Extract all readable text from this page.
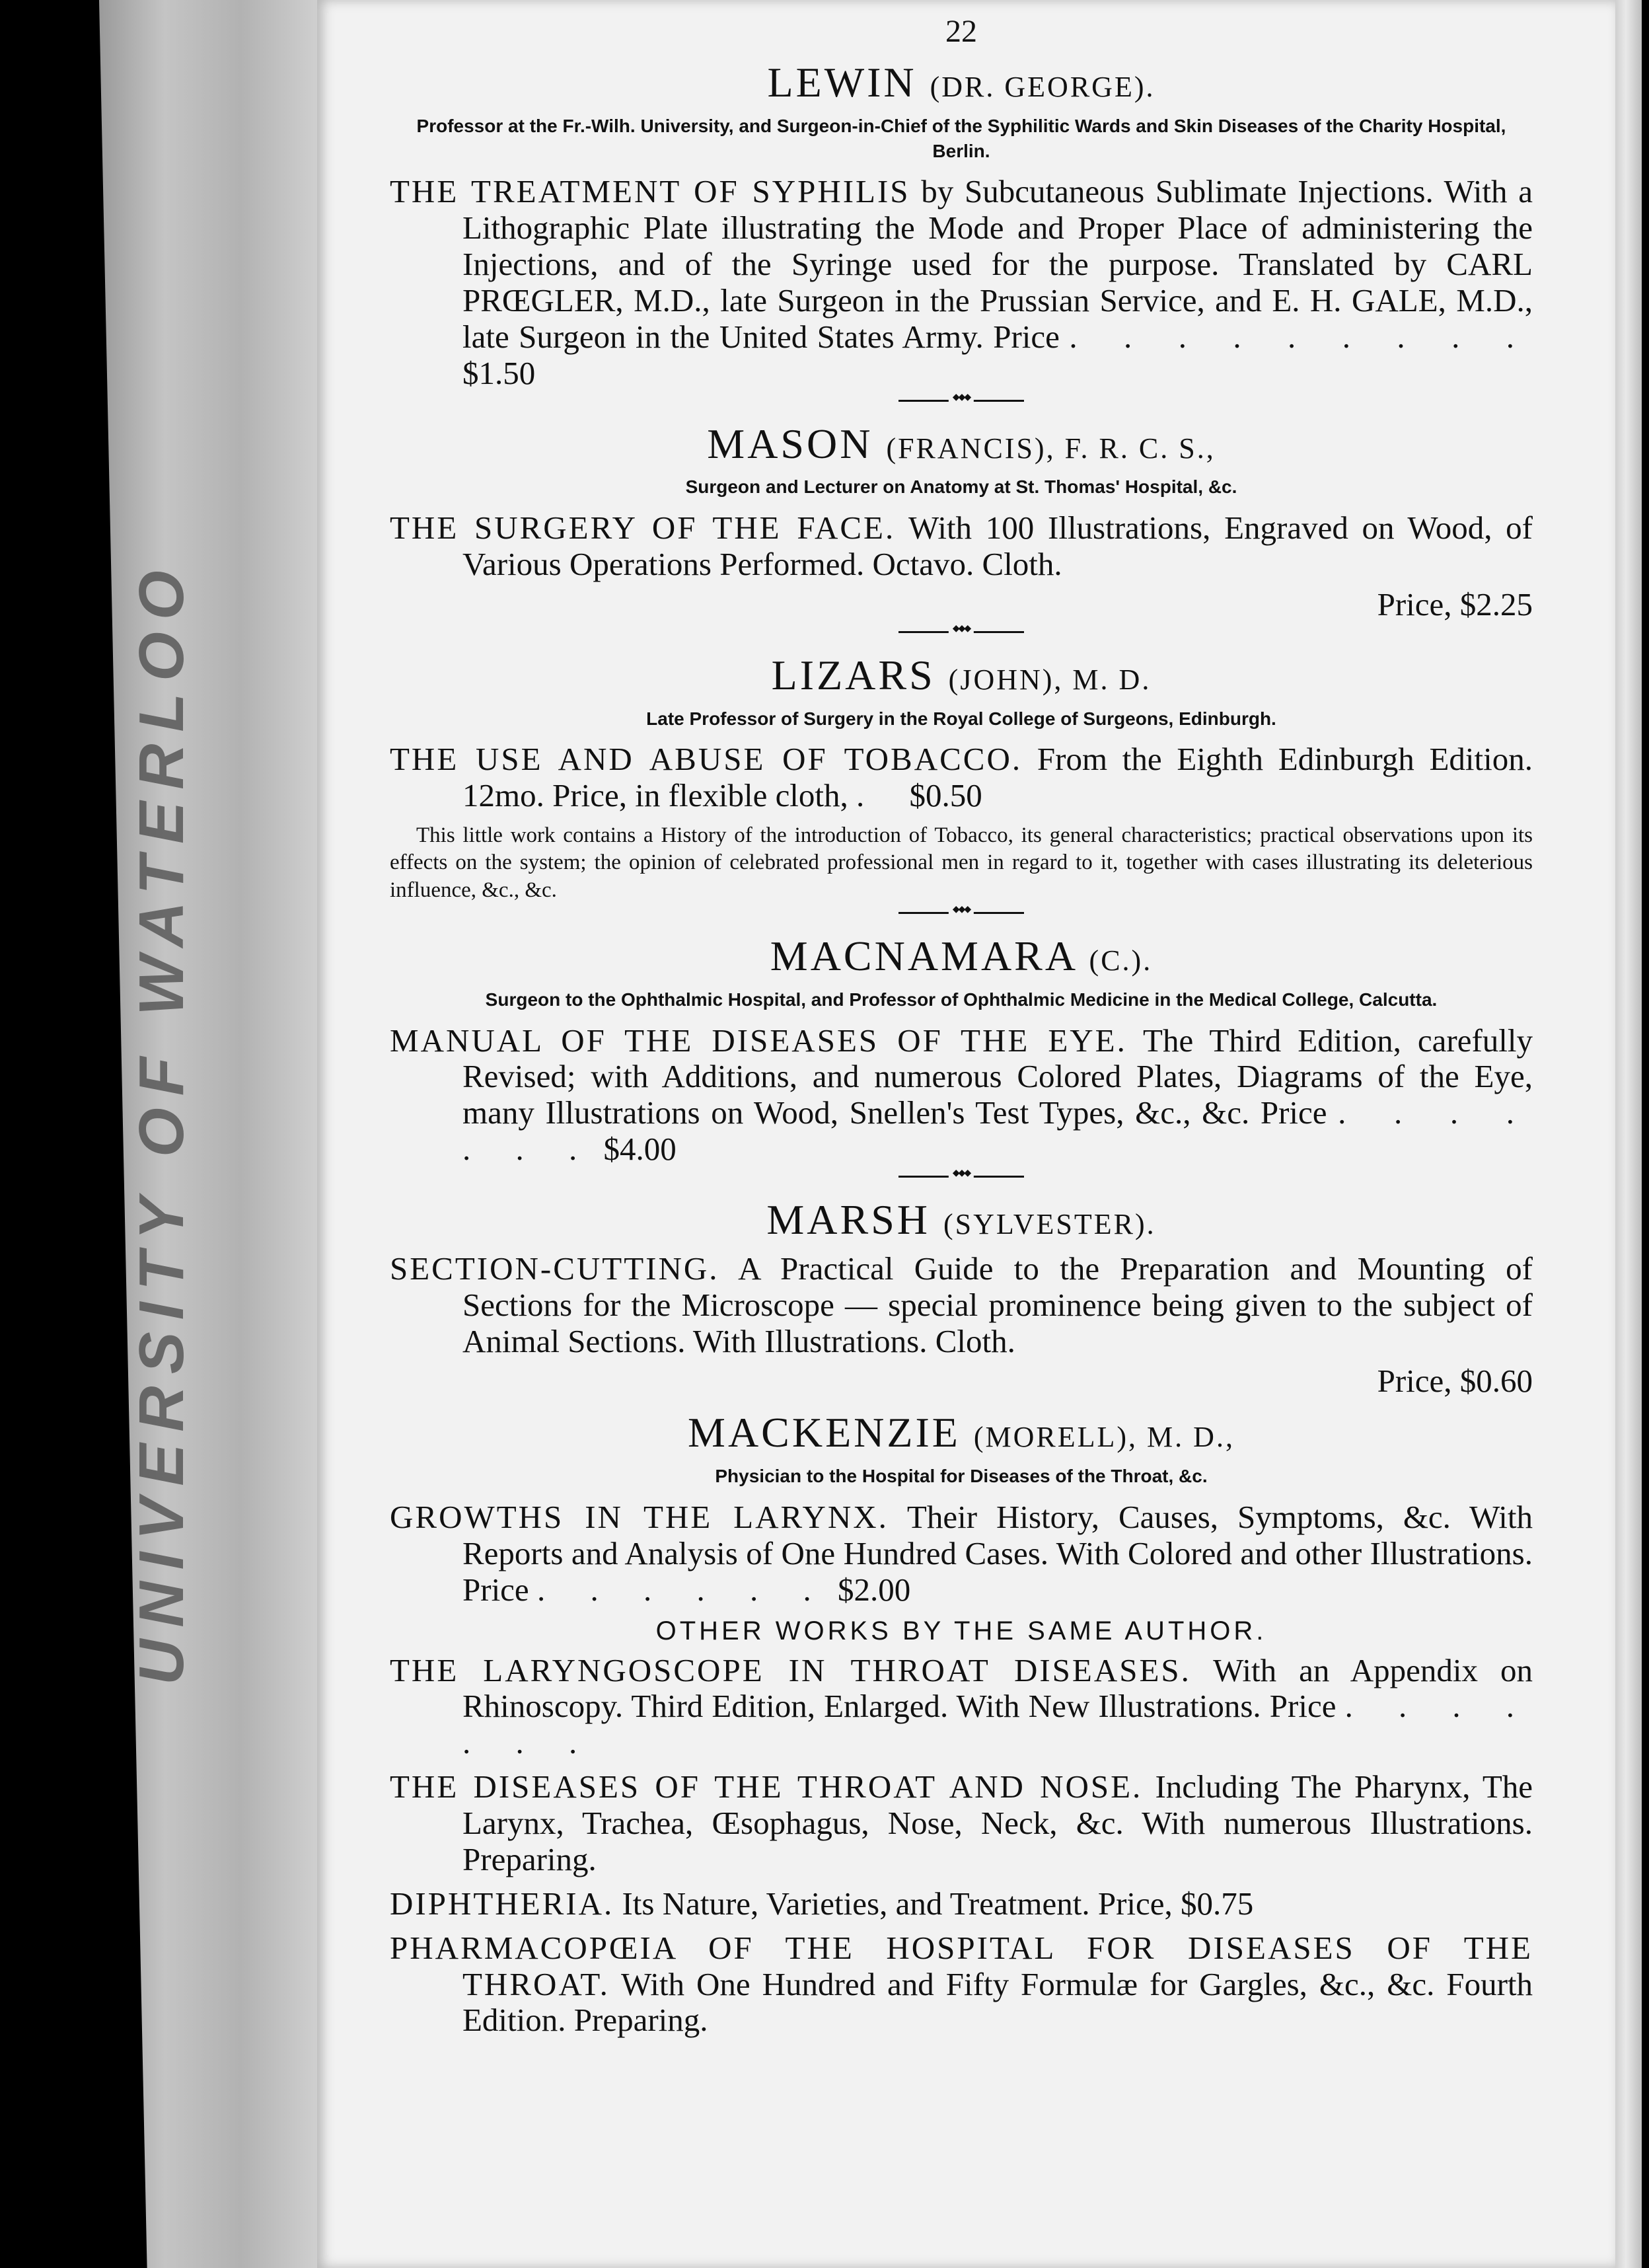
UNIVERSITY OF WATERLOO
22
LEWIN (DR. GEORGE).
Professor at the Fr.-Wilh. University, and Surgeon-in-Chief of the Syphilitic Wards and Skin Diseases of the Charity Hospital, Berlin.

THE TREATMENT OF SYPHILIS by Subcutaneous Sublimate Injections. With a Lithographic Plate illustrating the Mode and Proper Place of administering the Injections, and of the Syringe used for the purpose. Translated by CARL PRŒGLER, M.D., late Surgeon in the Prussian Service, and E. H. GALE, M.D., late Surgeon in the United States Army. Price . . . . . . . . . $1.50

◆◆◆
MASON (FRANCIS), F. R. C. S.,
Surgeon and Lecturer on Anatomy at St. Thomas' Hospital, &c.

THE SURGERY OF THE FACE. With 100 Illustrations, Engraved on Wood, of Various Operations Performed. Octavo. Cloth.

Price, $2.25
◆◆◆
LIZARS (JOHN), M. D.
Late Professor of Surgery in the Royal College of Surgeons, Edinburgh.

THE USE AND ABUSE OF TOBACCO. From the Eighth Edinburgh Edition. 12mo. Price, in flexible cloth, . $0.50

This little work contains a History of the introduction of Tobacco, its general characteristics; practical observations upon its effects on the system; the opinion of celebrated professional men in regard to it, together with cases illustrating its deleterious influence, &c., &c.

◆◆◆
MACNAMARA (C.).
Surgeon to the Ophthalmic Hospital, and Professor of Ophthalmic Medicine in the Medical College, Calcutta.

MANUAL OF THE DISEASES OF THE EYE. The Third Edition, carefully Revised; with Additions, and numerous Colored Plates, Diagrams of the Eye, many Illustrations on Wood, Snellen's Test Types, &c., &c. Price . . . . . . . $4.00

◆◆◆
MARSH (SYLVESTER).

SECTION-CUTTING. A Practical Guide to the Preparation and Mounting of Sections for the Microscope — special prominence being given to the subject of Animal Sections. With Illustrations. Cloth.

Price, $0.60
MACKENZIE (MORELL), M. D.,
Physician to the Hospital for Diseases of the Throat, &c.

GROWTHS IN THE LARYNX. Their History, Causes, Symptoms, &c. With Reports and Analysis of One Hundred Cases. With Colored and other Illustrations. Price . . . . . . $2.00

OTHER WORKS BY THE SAME AUTHOR.

THE LARYNGOSCOPE IN THROAT DISEASES. With an Appendix on Rhinoscopy. Third Edition, Enlarged. With New Illustrations. Price . . . . . . .

THE DISEASES OF THE THROAT AND NOSE. Including The Pharynx, The Larynx, Trachea, Œsophagus, Nose, Neck, &c. With numerous Illustrations. Preparing.

DIPHTHERIA. Its Nature, Varieties, and Treatment. Price, $0.75

PHARMACOPŒIA OF THE HOSPITAL FOR DISEASES OF THE THROAT. With One Hundred and Fifty Formulæ for Gargles, &c., &c. Fourth Edition. Preparing.
